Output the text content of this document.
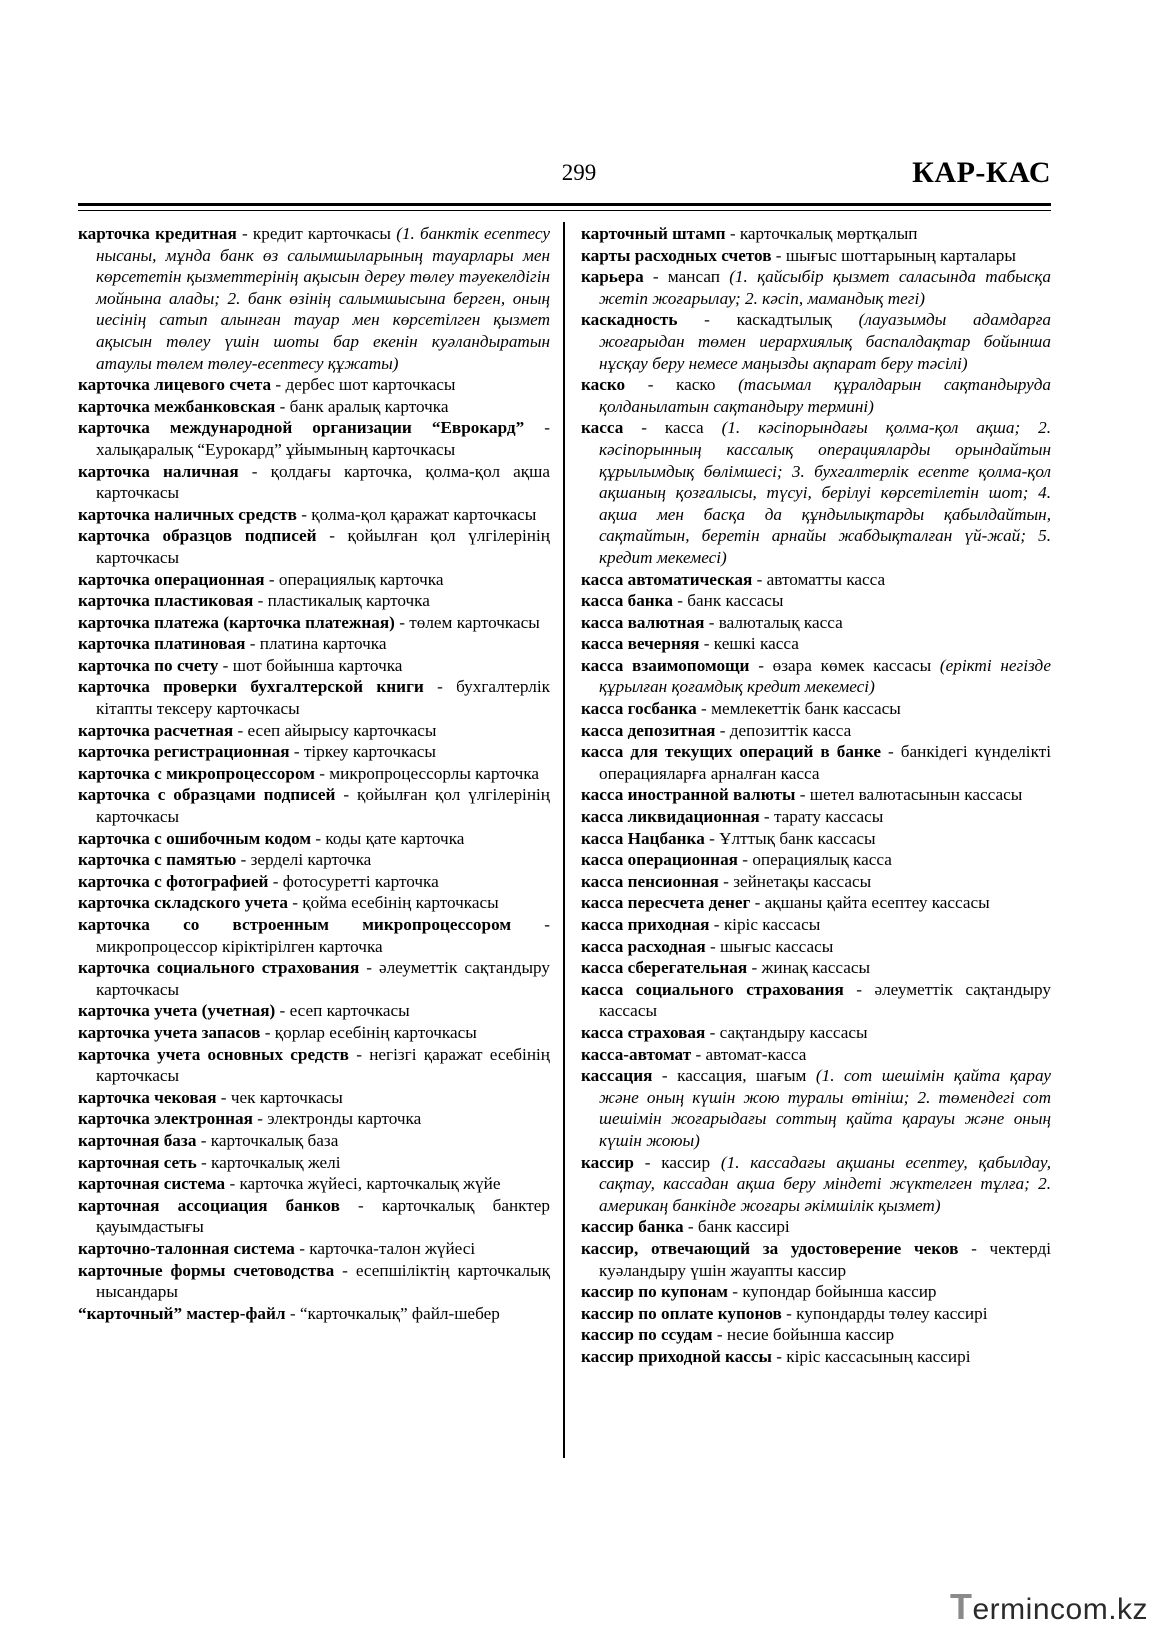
299	КАР-КАС
карточка кредитная - кредит карточкасы (1. банктік есептесу нысаны, мұнда банк өз салымшыларының тауарлары мен көрсететін қызметтерінің ақысын дереу төлеу тәуекелдігін мойнына алады; 2. банк өзінің салымшысына берген, оның иесінің сатып алынған тауар мен көрсетілген қызмет ақысын төлеу үшін шоты бар екенін куәландыратын атаулы төлем төлеу-есептесу құжаты)
карточка лицевого счета - дербес шот карточкасы
карточка межбанковская - банк аралық карточка
карточка международной организации “Еврокард” - халықаралық “Еурокард” ұйымының карточкасы
карточка наличная - қолдағы карточка, қолма-қол ақша карточкасы
карточка наличных средств - қолма-қол қаражат карточкасы
карточка образцов подписей - қойылған қол үлгілерінің карточкасы
карточка операционная - операциялық карточка
карточка пластиковая - пластикалық карточка
карточка платежа (карточка платежная) - төлем карточкасы
карточка платиновая - платина карточка
карточка по счету - шот бойынша карточка
карточка проверки бухгалтерской книги - бухгалтерлік кітапты тексеру карточкасы
карточка расчетная - есеп айырысу карточкасы
карточка регистрационная - тіркеу карточкасы
карточка с микропроцессором - микропроцессорлы карточка
карточка с образцами подписей - қойылған қол үлгілерінің карточкасы
карточка с ошибочным кодом - коды қате карточка
карточка с памятью - зерделі карточка
карточка с фотографией - фотосуретті карточка
карточка складского учета - қойма есебінің карточкасы
карточка со встроенным микропроцессором - микропроцессор кіріктірілген карточка
карточка социального страхования - әлеуметтік сақтандыру карточкасы
карточка учета (учетная) - есеп карточкасы
карточка учета запасов - қорлар есебінің карточкасы
карточка учета основных средств - негізгі қаражат есебінің карточкасы
карточка чековая - чек карточкасы
карточка электронная - электронды карточка
карточная база - карточкалық база
карточная сеть - карточкалық желі
карточная система - карточка жүйесі, карточкалық жүйе
карточная ассоциация банков - карточкалық банктер қауымдастығы
карточно-талонная система - карточка-талон жүйесі
карточные формы счетоводства - есепшіліктің карточкалық нысандары
“карточный” мастер-файл - “карточкалық” файл-шебер
карточный штамп - карточкалық мөртқалып
карты расходных счетов - шығыс шоттарының карталары
карьера - мансап (1. қайсыбір қызмет саласында табысқа жетіп жоғарылау; 2. кәсіп, мамандық тегі)
каскадность - каскадтылық (лауазымды адамдарға жоғарыдан төмен иерархиялық баспалдақтар бойынша нұсқау беру немесе маңызды ақпарат беру тәсілі)
каско - каско (тасымал құралдарын сақтандыруда қолданылатын сақтандыру термині)
касса - касса (1. кәсіпорындағы қолма-қол ақша; 2. кәсіпорынның кассалық операцияларды орындайтын құрылымдық бөлімшесі; 3. бухгалтерлік есепте қолма-қол ақшаның қозғалысы, түсуі, берілуі көрсетілетін шот; 4. ақша мен басқа да құндылықтарды қабылдайтын, сақтайтын, беретін арнайы жабдықталған үй-жай; 5. кредит мекемесі)
касса автоматическая - автоматты касса
касса банка - банк кассасы
касса валютная - валюталық касса
касса вечерняя - кешкі касса
касса взаимопомощи - өзара көмек кассасы (ерікті негізде құрылған қоғамдық кредит мекемесі)
касса госбанка - мемлекеттік банк кассасы
касса депозитная - депозиттік касса
касса для текущих операций в банке - банкідегі күнделікті операцияларға арналған касса
касса иностранной валюты - шетел валютасынын кассасы
касса ликвидационная - тарату кассасы
касса Нацбанка - Ұлттық банк кассасы
касса операционная - операциялық касса
касса пенсионная - зейнетақы кассасы
касса пересчета денег - ақшаны қайта есептеу кассасы
касса приходная - кіріс кассасы
касса расходная - шығыс кассасы
касса сберегательная - жинақ кассасы
касса социального страхования - әлеуметтік сақтандыру кассасы
касса страховая - сақтандыру кассасы
касса-автомат - автомат-касса
кассация - кассация, шағым (1. сот шешімін қайта қарау және оның күшін жою туралы өтініш; 2. төмендегі сот шешімін жоғарыдағы соттың қайта қарауы және оның күшін жоюы)
кассир - кассир (1. кассадағы ақшаны есептеу, қабылдау, сақтау, кассадан ақша беру міндеті жүктелген тұлға; 2. америкаң банкінде жоғары әкімшілік қызмет)
кассир банка - банк кассирі
кассир, отвечающий за удостоверение чеков - чектерді куәландыру үшін жауапты кассир
кассир по купонам - купондар бойынша кассир
кассир по оплате купонов - купондарды төлеу кассирі
кассир по ссудам - несие бойынша кассир
кассир приходной кассы - кіріс кассасының кассирі
Termincom.kz
